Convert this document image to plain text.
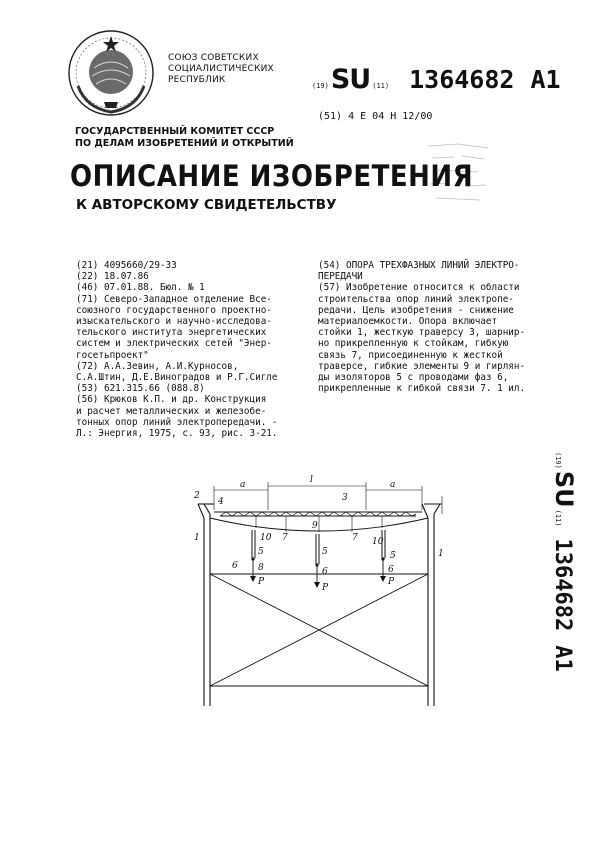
СОЮЗ СОВЕТСКИХ
СОЦИАЛИСТИЧЕСКИХ
РЕСПУБЛИК
(19) SU (11) 1364682 A1
(51) 4 E 04 H 12/00
ГОСУДАРСТВЕННЫЙ КОМИТЕТ СССР
ПО ДЕЛАМ ИЗОБРЕТЕНИЙ И ОТКРЫТИЙ
ОПИСАНИЕ ИЗОБРЕТЕНИЯ
К АВТОРСКОМУ СВИДЕТЕЛЬСТВУ
(21) 4095660/29-33
(22) 18.07.86
(46) 07.01.88. Бюл. № 1
(71) Северо-Западное отделение Всe-
союзного государственного проектно-
изыскательского и научно-исследова-
тельского института энергетических
систем и электрических сетей "Энер-
госетьпроект"
(72) А.А.Зевин, А.И.Курносов,
С.А.Штин, Д.Е.Виноградов и Р.Г.Сигле
(53) 621.315.66 (088.8)
(56) Крюков К.П. и др. Конструкция
и расчет металлических и железобе-
тонных опор линий электропередачи. -
Л.: Энергия, 1975, с. 93, рис. 3-21.
(54) ОПОРА ТРЕХФАЗНЫХ ЛИНИЙ ЭЛЕКТРО-
ПЕРЕДАЧИ
(57) Изобретение относится к области
строительства опор линий электропе-
редачи. Цель изобретения - снижение
материалоемкости. Опора включает
стойки 1, жесткую траверсу 3, шарнир-
но прикрепленную к стойкам, гибкую
связь 7, присоединенную к жесткой
траверсе, гибкие элементы 9 и гирлян-
ды изоляторов 5 с проводами фаз 6,
прикрепленные к гибкой связи 7. 1 ил.
(19)
SU
(11)
1364682
A1
l
a	a
2
4	3
9
1
1
7	7
10	10
5	5	5
6
6	6
8
P
P
P
